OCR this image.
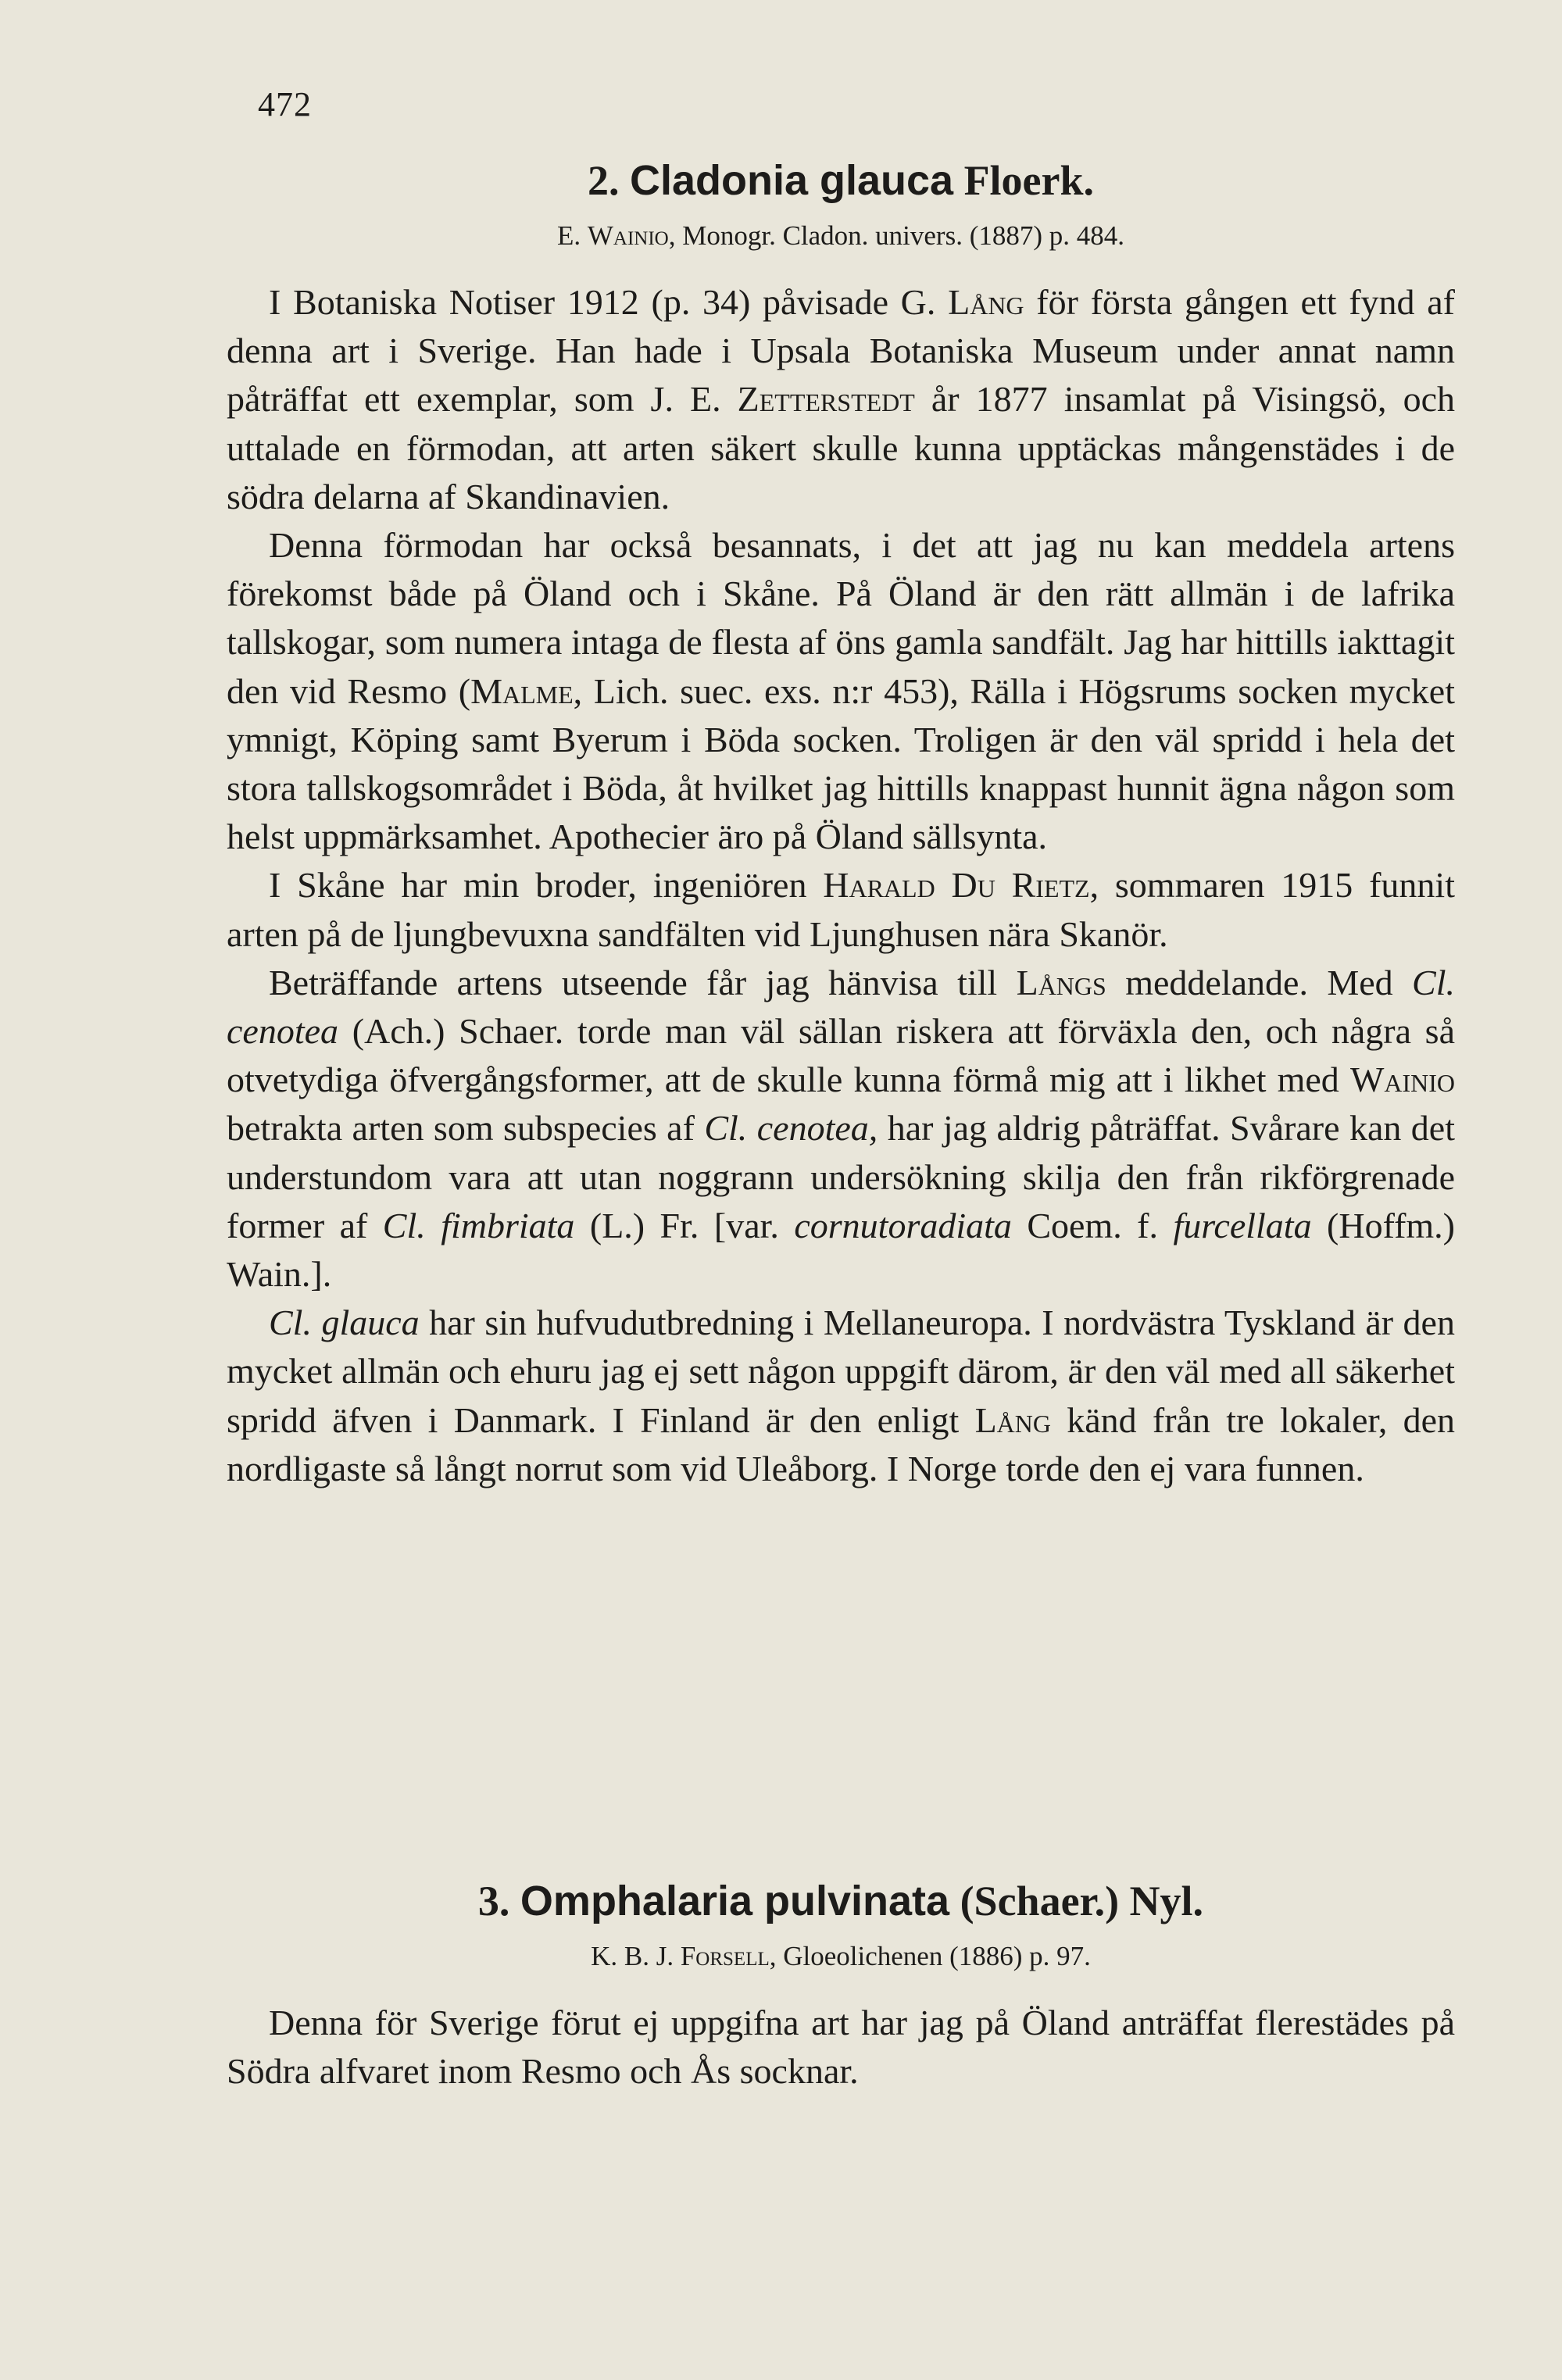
472
2. Cladonia glauca Floerk.

E. Wainio, Monogr. Cladon. univers. (1887) p. 484.

I Botaniska Notiser 1912 (p. 34) påvisade G. Lång för första gången ett fynd af denna art i Sverige. Han hade i Upsala Botaniska Museum under annat namn påträffat ett exemplar, som J. E. Zetterstedt år 1877 insamlat på Visingsö, och uttalade en förmodan, att arten säkert skulle kunna upptäckas mångenstädes i de södra delarna af Skandinavien.

Denna förmodan har också besannats, i det att jag nu kan meddela artens förekomst både på Öland och i Skåne. På Öland är den rätt allmän i de lafrika tallskogar, som numera intaga de flesta af öns gamla sandfält. Jag har hittills iakttagit den vid Resmo (Malme, Lich. suec. exs. n:r 453), Rälla i Högsrums socken mycket ymnigt, Köping samt Byerum i Böda socken. Troligen är den väl spridd i hela det stora tallskogsområdet i Böda, åt hvilket jag hittills knappast hunnit ägna någon som helst uppmärksamhet. Apothecier äro på Öland sällsynta.

I Skåne har min broder, ingeniören Harald Du Rietz, sommaren 1915 funnit arten på de ljungbevuxna sandfälten vid Ljunghusen nära Skanör.

Beträffande artens utseende får jag hänvisa till Långs meddelande. Med Cl. cenotea (Ach.) Schaer. torde man väl sällan riskera att förväxla den, och några så otvetydiga öfvergångsformer, att de skulle kunna förmå mig att i likhet med Wainio betrakta arten som subspecies af Cl. cenotea, har jag aldrig påträffat. Svårare kan det understundom vara att utan noggrann undersökning skilja den från rikförgrenade former af Cl. fimbriata (L.) Fr. [var. cornutoradiata Coem. f. furcellata (Hoffm.) Wain.].

Cl. glauca har sin hufvudutbredning i Mellaneuropa. I nordvästra Tyskland är den mycket allmän och ehuru jag ej sett någon uppgift därom, är den väl med all säkerhet spridd äfven i Danmark. I Finland är den enligt Lång känd från tre lokaler, den nordligaste så långt norrut som vid Uleåborg. I Norge torde den ej vara funnen.

3. Omphalaria pulvinata (Schaer.) Nyl.

K. B. J. Forsell, Gloeolichenen (1886) p. 97.

Denna för Sverige förut ej uppgifna art har jag på Öland anträffat flerestädes på Södra alfvaret inom Resmo och Ås socknar.
